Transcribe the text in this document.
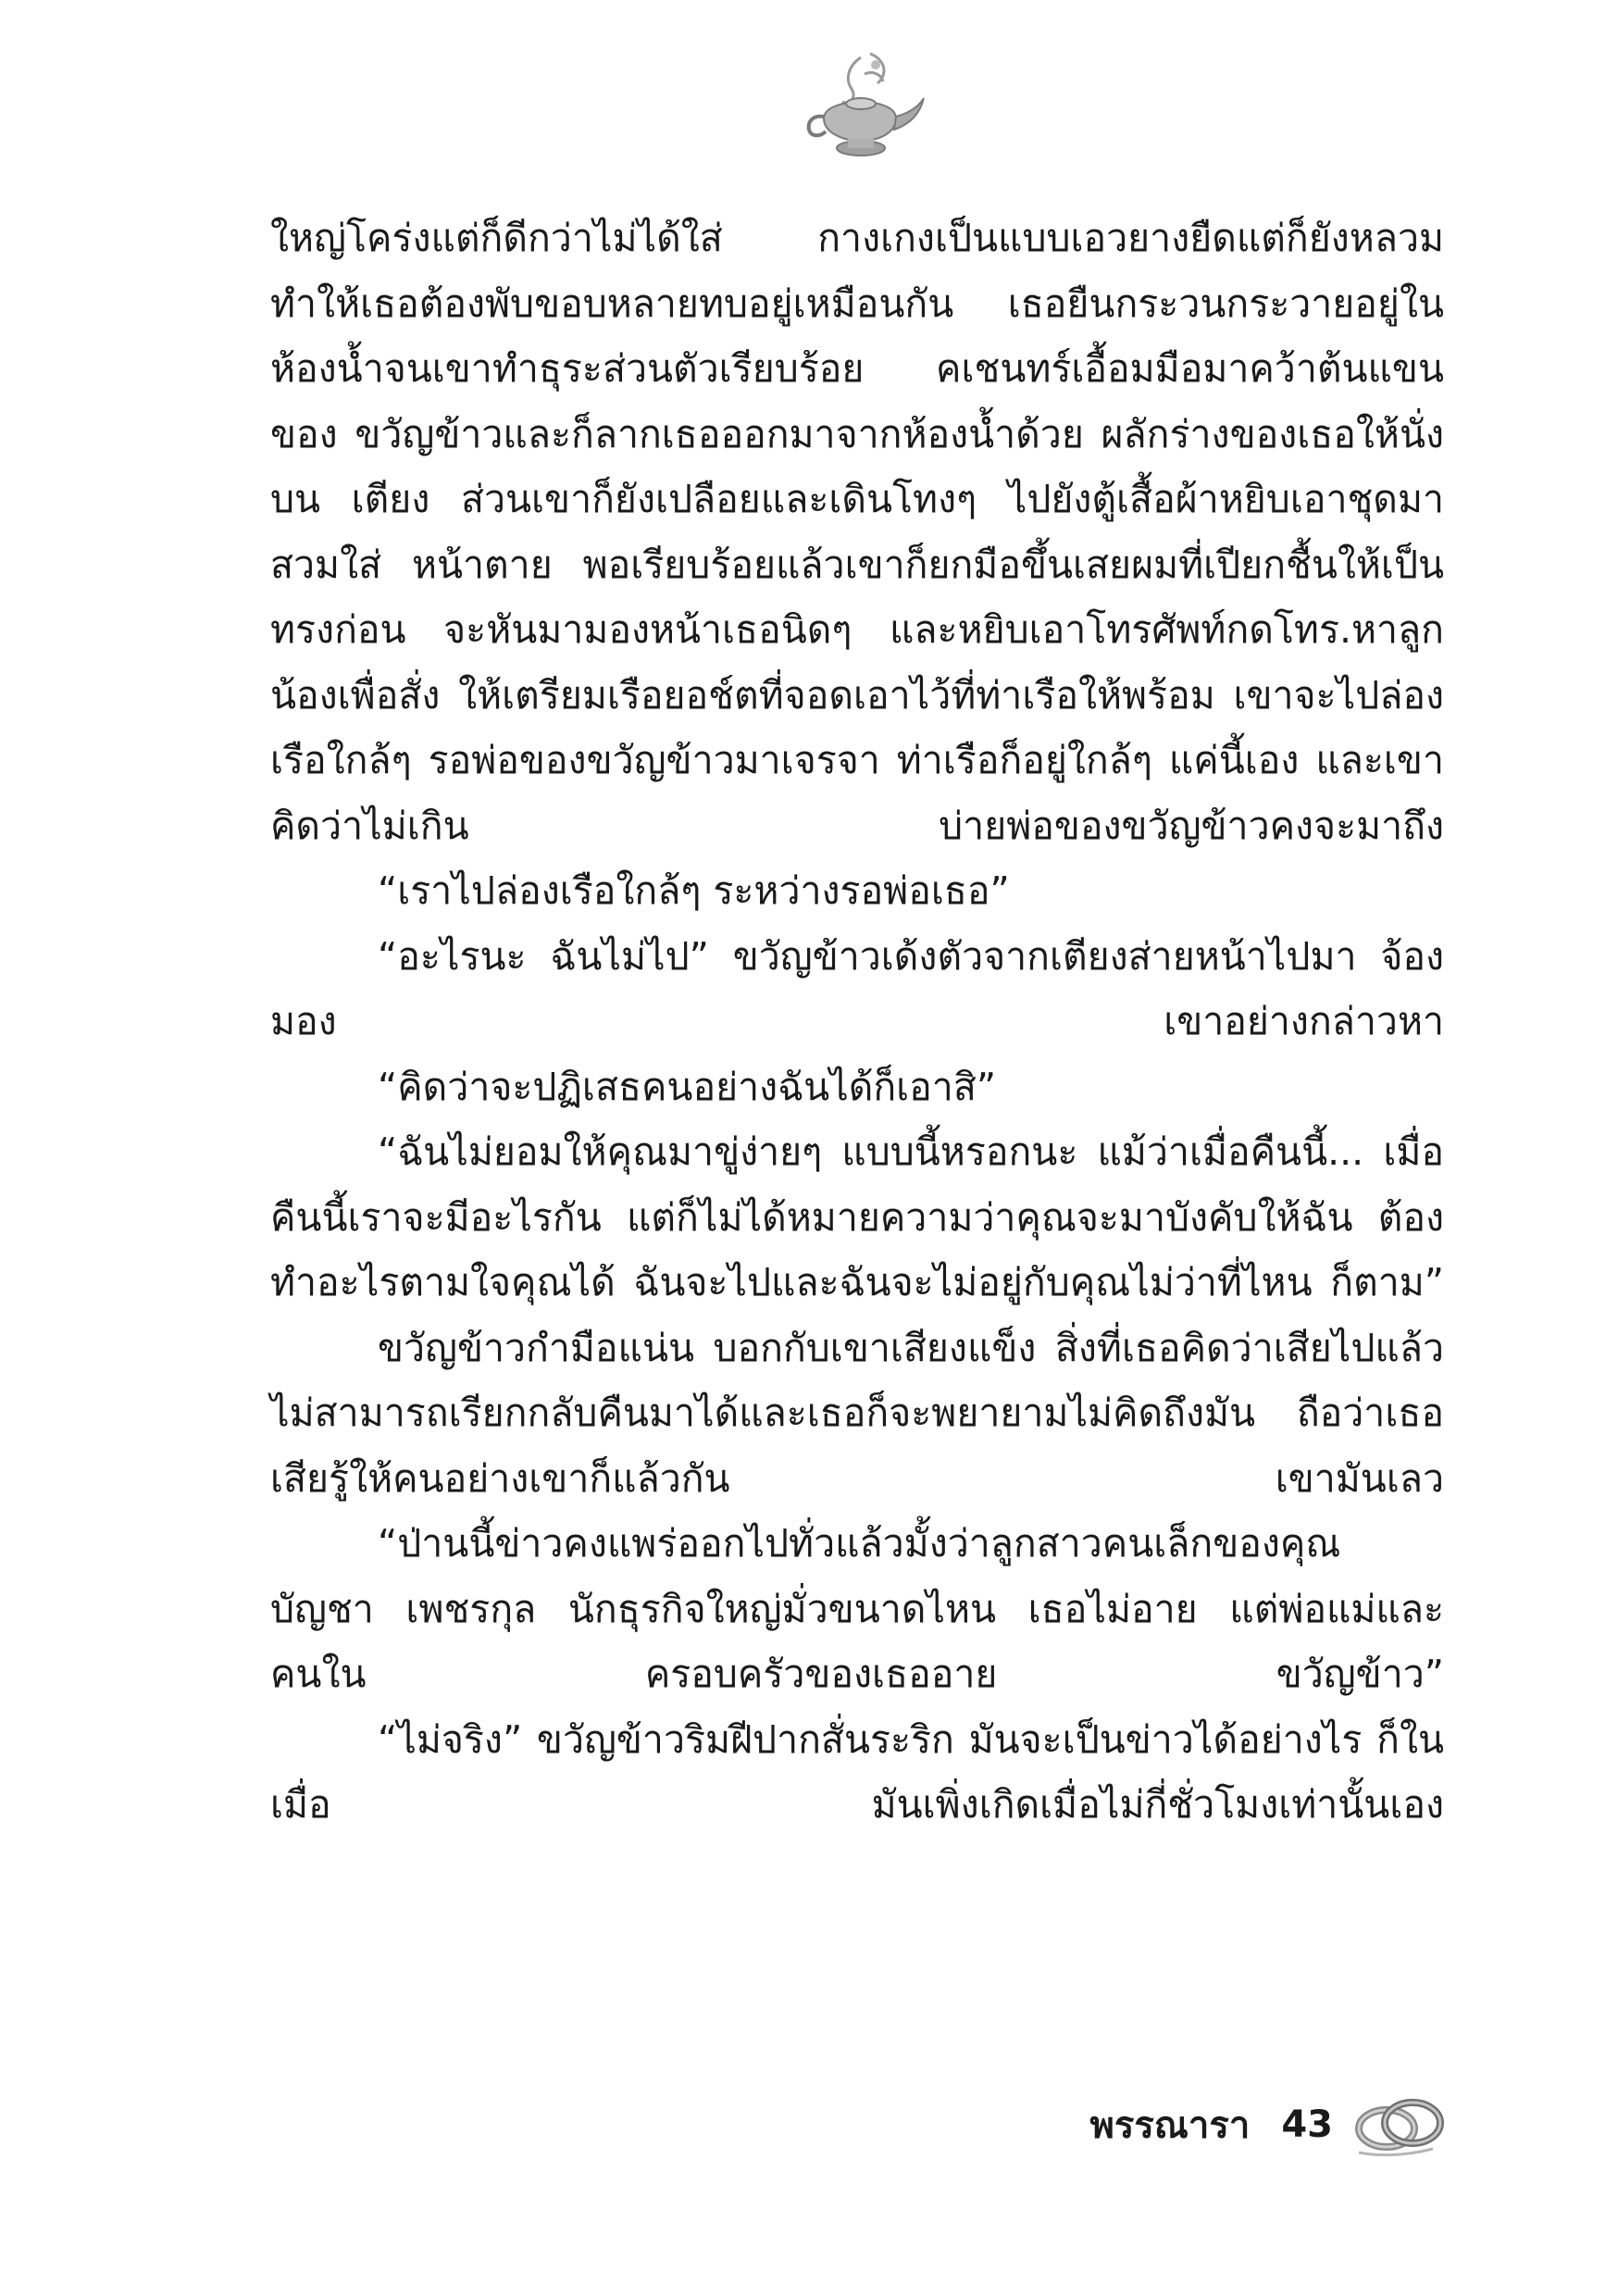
ใหญ่โคร่งแต่ก็ดีกว่าไม่ได้ใส่ กางเกงเป็นแบบเอวยางยืดแต่ก็ยังหลวม ทำให้เธอต้องพับขอบหลายทบอยู่เหมือนกัน เธอยืนกระวนกระวายอยู่ใน ห้องน้ำจนเขาทำธุระส่วนตัวเรียบร้อย คเชนทร์เอื้อมมือมาคว้าต้นแขนของ ขวัญข้าวและก็ลากเธอออกมาจากห้องน้ำด้วย ผลักร่างของเธอให้นั่งบน เตียง ส่วนเขาก็ยังเปลือยและเดินโทงๆ ไปยังตู้เสื้อผ้าหยิบเอาชุดมาสวมใส่ หน้าตาย พอเรียบร้อยแล้วเขาก็ยกมือขึ้นเสยผมที่เปียกชื้นให้เป็นทรงก่อน จะหันมามองหน้าเธอนิดๆ และหยิบเอาโทรศัพท์กดโทร.หาลูกน้องเพื่อสั่ง ให้เตรียมเรือยอช์ตที่จอดเอาไว้ที่ท่าเรือให้พร้อม เขาจะไปล่องเรือใกล้ๆ รอพ่อของขวัญข้าวมาเจรจา ท่าเรือก็อยู่ใกล้ๆ แค่นี้เอง และเขาคิดว่าไม่เกิน บ่ายพ่อของขวัญข้าวคงจะมาถึง

“เราไปล่องเรือใกล้ๆ ระหว่างรอพ่อเธอ”

“อะไรนะ ฉันไม่ไป” ขวัญข้าวเด้งตัวจากเตียงส่ายหน้าไปมา จ้องมอง เขาอย่างกล่าวหา

“คิดว่าจะปฏิเสธคนอย่างฉันได้ก็เอาสิ”

“ฉันไม่ยอมให้คุณมาขู่ง่ายๆ แบบนี้หรอกนะ แม้ว่าเมื่อคืนนี้... เมื่อคืนนี้เราจะมีอะไรกัน แต่ก็ไม่ได้หมายความว่าคุณจะมาบังคับให้ฉัน ต้องทำอะไรตามใจคุณได้ ฉันจะไปและฉันจะไม่อยู่กับคุณไม่ว่าที่ไหน ก็ตาม”

ขวัญข้าวกำมือแน่น บอกกับเขาเสียงแข็ง สิ่งที่เธอคิดว่าเสียไปแล้ว ไม่สามารถเรียกกลับคืนมาได้และเธอก็จะพยายามไม่คิดถึงมัน ถือว่าเธอ เสียรู้ให้คนอย่างเขาก็แล้วกัน เขามันเลว

“ป่านนี้ข่าวคงแพร่ออกไปทั่วแล้วมั้งว่าลูกสาวคนเล็กของคุณบัญชา เพชรกุล นักธุรกิจใหญ่มั่วขนาดไหน เธอไม่อาย แต่พ่อแม่และคนใน ครอบครัวของเธออาย ขวัญข้าว”

“ไม่จริง” ขวัญข้าวริมฝีปากสั่นระริก มันจะเป็นข่าวได้อย่างไร ก็ในเมื่อ มันเพิ่งเกิดเมื่อไม่กี่ชั่วโมงเท่านั้นเอง

พรรณารา 43
